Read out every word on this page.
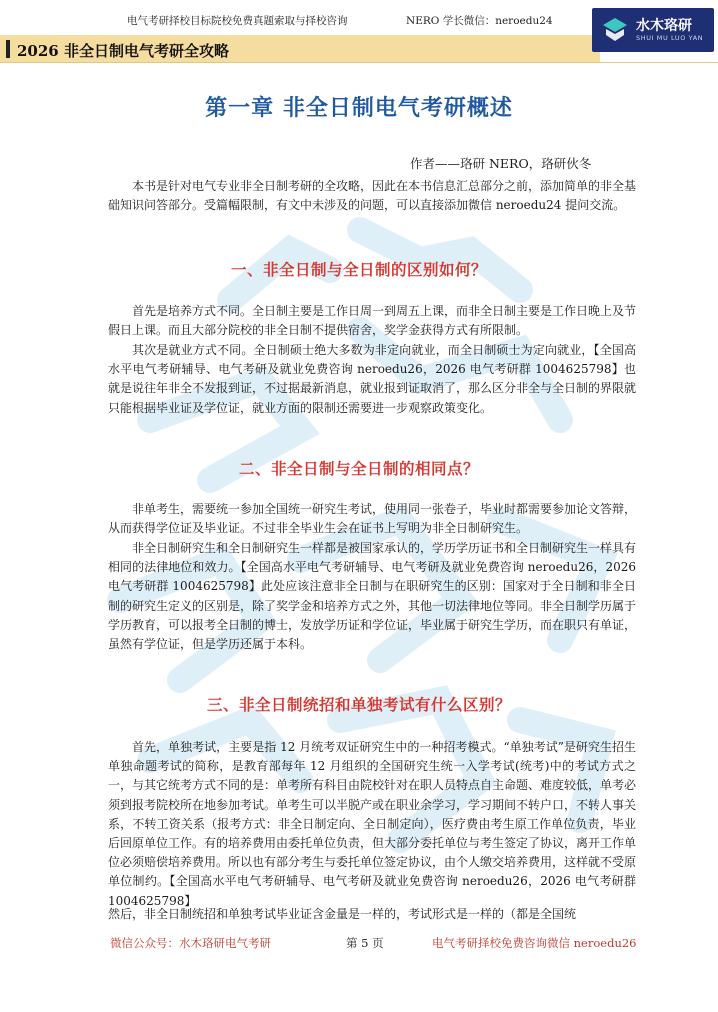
电气考研择校目标院校免费真题索取与择校咨询	NERO 学长微信：neroedu24
2026 非全日制电气考研全攻略
水木珞研
SHUI MU LUO YAN
第一章 非全日制电气考研概述
作者——珞研 NERO，珞研伙冬

本书是针对电气专业非全日制考研的全攻略，因此在本书信息汇总部分之前，添加简单的非全基础知识问答部分。受篇幅限制，有文中未涉及的问题，可以直接添加微信 neroedu24 提问交流。

一、非全日制与全日制的区别如何？

首先是培养方式不同。全日制主要是工作日周一到周五上课，而非全日制主要是工作日晚上及节假日上课。而且大部分院校的非全日制不提供宿舍，奖学金获得方式有所限制。

其次是就业方式不同。全日制硕士绝大多数为非定向就业，而全日制硕士为定向就业，【全国高水平电气考研辅导、电气考研及就业免费咨询 neroedu26，2026 电气考研群 1004625798】也就是说往年非全不发报到证，不过据最新消息，就业报到证取消了，那么区分非全与全日制的界限就只能根据毕业证及学位证，就业方面的限制还需要进一步观察政策变化。

二、非全日制与全日制的相同点？

非单考生，需要统一参加全国统一研究生考试，使用同一张卷子，毕业时都需要参加论文答辩，从而获得学位证及毕业证。不过非全毕业生会在证书上写明为非全日制研究生。

非全日制研究生和全日制研究生一样都是被国家承认的，学历学历证书和全日制研究生一样具有相同的法律地位和效力。【全国高水平电气考研辅导、电气考研及就业免费咨询 neroedu26，2026 电气考研群 1004625798】此处应该注意非全日制与在职研究生的区别：国家对于全日制和非全日制的研究生定义的区别是，除了奖学金和培养方式之外，其他一切法律地位等同。非全日制学历属于学历教育，可以报考全日制的博士，发放学历证和学位证，毕业属于研究生学历，而在职只有单证，虽然有学位证，但是学历还属于本科。

三、非全日制统招和单独考试有什么区别？

首先，单独考试，主要是指 12 月统考双证研究生中的一种招考模式。“单独考试”是研究生招生单独命题考试的简称，是教育部每年 12 月组织的全国研究生统一入学考试(统考)中的考试方式之一，与其它统考方式不同的是：单考所有科目由院校针对在职人员特点自主命题、难度较低，单考必须到报考院校所在地参加考试。单考生可以半脱产或在职业余学习，学习期间不转户口，不转人事关系，不转工资关系（报考方式：非全日制定向、全日制定向），医疗费由考生原工作单位负责，毕业后回原单位工作。有的培养费用由委托单位负责，但大部分委托单位与考生签定了协议，离开工作单位必须赔偿培养费用。所以也有部分考生与委托单位签定协议，由个人缴交培养费用，这样就不受原单位制约。【全国高水平电气考研辅导、电气考研及就业免费咨询 neroedu26，2026 电气考研群 1004625798】

然后，非全日制统招和单独考试毕业证含金量是一样的，考试形式是一样的（都是全国统

微信公众号：水木珞研电气考研	第 5 页	电气考研择校免费咨询微信 neroedu26
